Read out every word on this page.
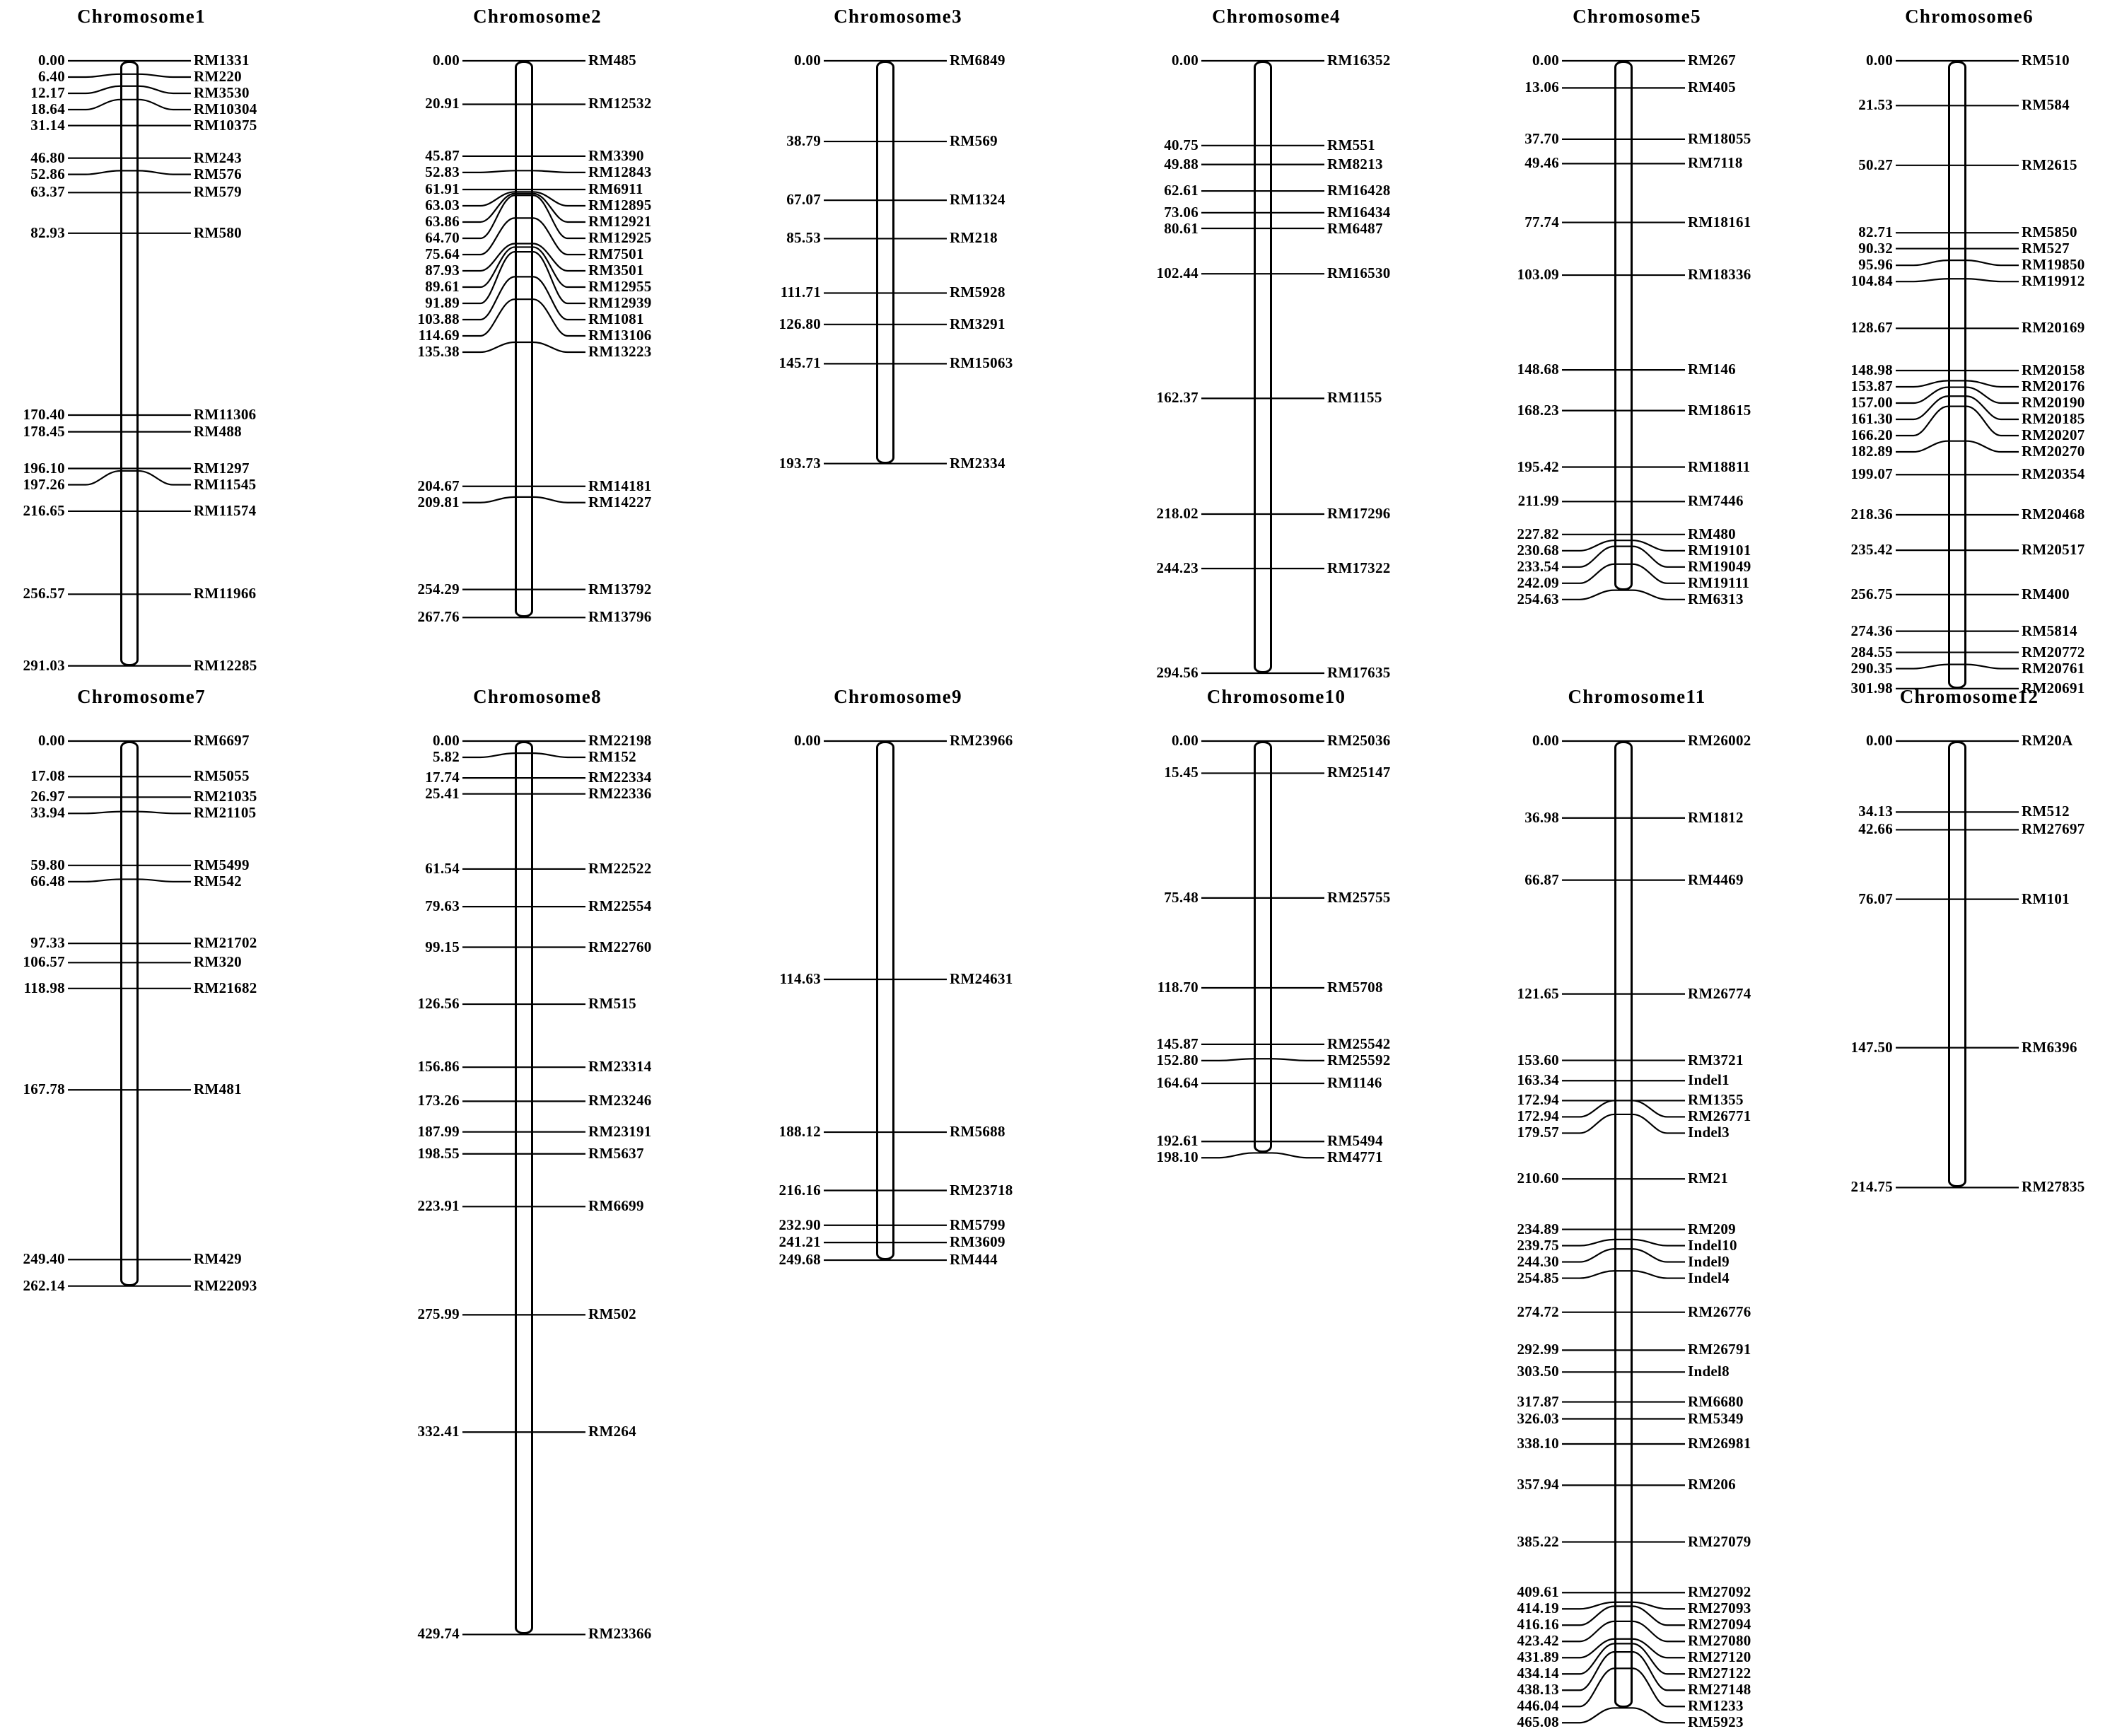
Chromosome1
0.00	RM1331
6.40	RM220
12.17	RM3530
18.64	RM10304
31.14	RM10375
46.80	RM243
52.86	RM576
63.37	RM579
82.93	RM580
170.40	RM11306
178.45	RM488
196.10	RM1297
197.26	RM11545
216.65	RM11574
256.57	RM11966
291.03	RM12285
Chromosome2
0.00	RM485
20.91	RM12532
45.87	RM3390
52.83	RM12843
61.91	RM6911
63.03	RM12895
63.86	RM12921
64.70	RM12925
75.64	RM7501
87.93	RM3501
89.61	RM12955
91.89	RM12939
103.88	RM1081
114.69	RM13106
135.38	RM13223
204.67	RM14181
209.81	RM14227
254.29	RM13792
267.76	RM13796
Chromosome3
0.00	RM6849
38.79	RM569
67.07	RM1324
85.53	RM218
111.71	RM5928
126.80	RM3291
145.71	RM15063
193.73	RM2334
Chromosome4
0.00	RM16352
40.75	RM551
49.88	RM8213
62.61	RM16428
73.06	RM16434
80.61	RM6487
102.44	RM16530
162.37	RM1155
218.02	RM17296
244.23	RM17322
294.56	RM17635
Chromosome5
0.00	RM267
13.06	RM405
37.70	RM18055
49.46	RM7118
77.74	RM18161
103.09	RM18336
148.68	RM146
168.23	RM18615
195.42	RM18811
211.99	RM7446
227.82	RM480
230.68	RM19101
233.54	RM19049
242.09	RM19111
254.63	RM6313
Chromosome6
0.00	RM510
21.53	RM584
50.27	RM2615
82.71	RM5850
90.32	RM527
95.96	RM19850
104.84	RM19912
128.67	RM20169
148.98	RM20158
153.87	RM20176
157.00	RM20190
161.30	RM20185
166.20	RM20207
182.89	RM20270
199.07	RM20354
218.36	RM20468
235.42	RM20517
256.75	RM400
274.36	RM5814
284.55	RM20772
290.35	RM20761
301.98	RM20691
Chromosome7
0.00	RM6697
17.08	RM5055
26.97	RM21035
33.94	RM21105
59.80	RM5499
66.48	RM542
97.33	RM21702
106.57	RM320
118.98	RM21682
167.78	RM481
249.40	RM429
262.14	RM22093
Chromosome8
0.00	RM22198
5.82	RM152
17.74	RM22334
25.41	RM22336
61.54	RM22522
79.63	RM22554
99.15	RM22760
126.56	RM515
156.86	RM23314
173.26	RM23246
187.99	RM23191
198.55	RM5637
223.91	RM6699
275.99	RM502
332.41	RM264
429.74	RM23366
Chromosome9
0.00	RM23966
114.63	RM24631
188.12	RM5688
216.16	RM23718
232.90	RM5799
241.21	RM3609
249.68	RM444
Chromosome10
0.00	RM25036
15.45	RM25147
75.48	RM25755
118.70	RM5708
145.87	RM25542
152.80	RM25592
164.64	RM1146
192.61	RM5494
198.10	RM4771
Chromosome11
0.00	RM26002
36.98	RM1812
66.87	RM4469
121.65	RM26774
153.60	RM3721
163.34	Indel1
172.94	RM1355
172.94	RM26771
179.57	Indel3
210.60	RM21
234.89	RM209
239.75	Indel10
244.30	Indel9
254.85	Indel4
274.72	RM26776
292.99	RM26791
303.50	Indel8
317.87	RM6680
326.03	RM5349
338.10	RM26981
357.94	RM206
385.22	RM27079
409.61	RM27092
414.19	RM27093
416.16	RM27094
423.42	RM27080
431.89	RM27120
434.14	RM27122
438.13	RM27148
446.04	RM1233
465.08	RM5923
Chromosome12
0.00	RM20A
34.13	RM512
42.66	RM27697
76.07	RM101
147.50	RM6396
214.75	RM27835
